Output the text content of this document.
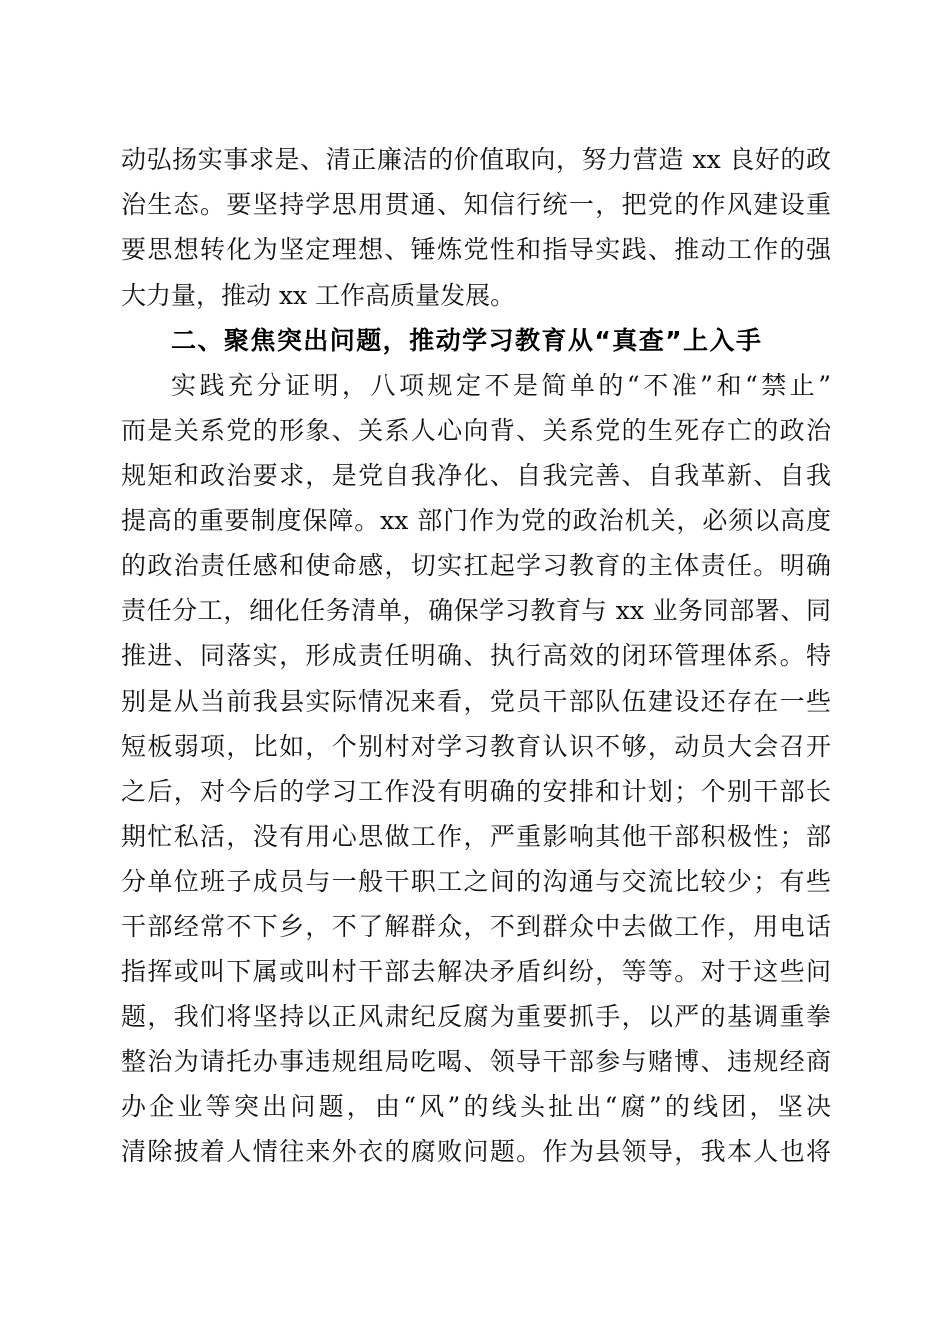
动弘扬实事求是、清正廉洁的价值取向，努力营造 xx 良好的政
治生态。要坚持学思用贯通、知信行统一，把党的作风建设重
要思想转化为坚定理想、锤炼党性和指导实践、推动工作的强
大力量，推动 xx 工作高质量发展。
二、聚焦突出问题，推动学习教育从“真查”上入手
实践充分证明，八项规定不是简单的“不准”和“禁止”
而是关系党的形象、关系人心向背、关系党的生死存亡的政治
规矩和政治要求，是党自我净化、自我完善、自我革新、自我
提高的重要制度保障。xx 部门作为党的政治机关，必须以高度
的政治责任感和使命感，切实扛起学习教育的主体责任。明确
责任分工，细化任务清单，确保学习教育与 xx 业务同部署、同
推进、同落实，形成责任明确、执行高效的闭环管理体系。特
别是从当前我县实际情况来看，党员干部队伍建设还存在一些
短板弱项，比如，个别村对学习教育认识不够，动员大会召开
之后，对今后的学习工作没有明确的安排和计划；个别干部长
期忙私活，没有用心思做工作，严重影响其他干部积极性；部
分单位班子成员与一般干职工之间的沟通与交流比较少；有些
干部经常不下乡，不了解群众，不到群众中去做工作，用电话
指挥或叫下属或叫村干部去解决矛盾纠纷，等等。对于这些问
题，我们将坚持以正风肃纪反腐为重要抓手，以严的基调重拳
整治为请托办事违规组局吃喝、领导干部参与赌博、违规经商
办企业等突出问题，由“风”的线头扯出“腐”的线团，坚决
清除披着人情往来外衣的腐败问题。作为县领导，我本人也将
